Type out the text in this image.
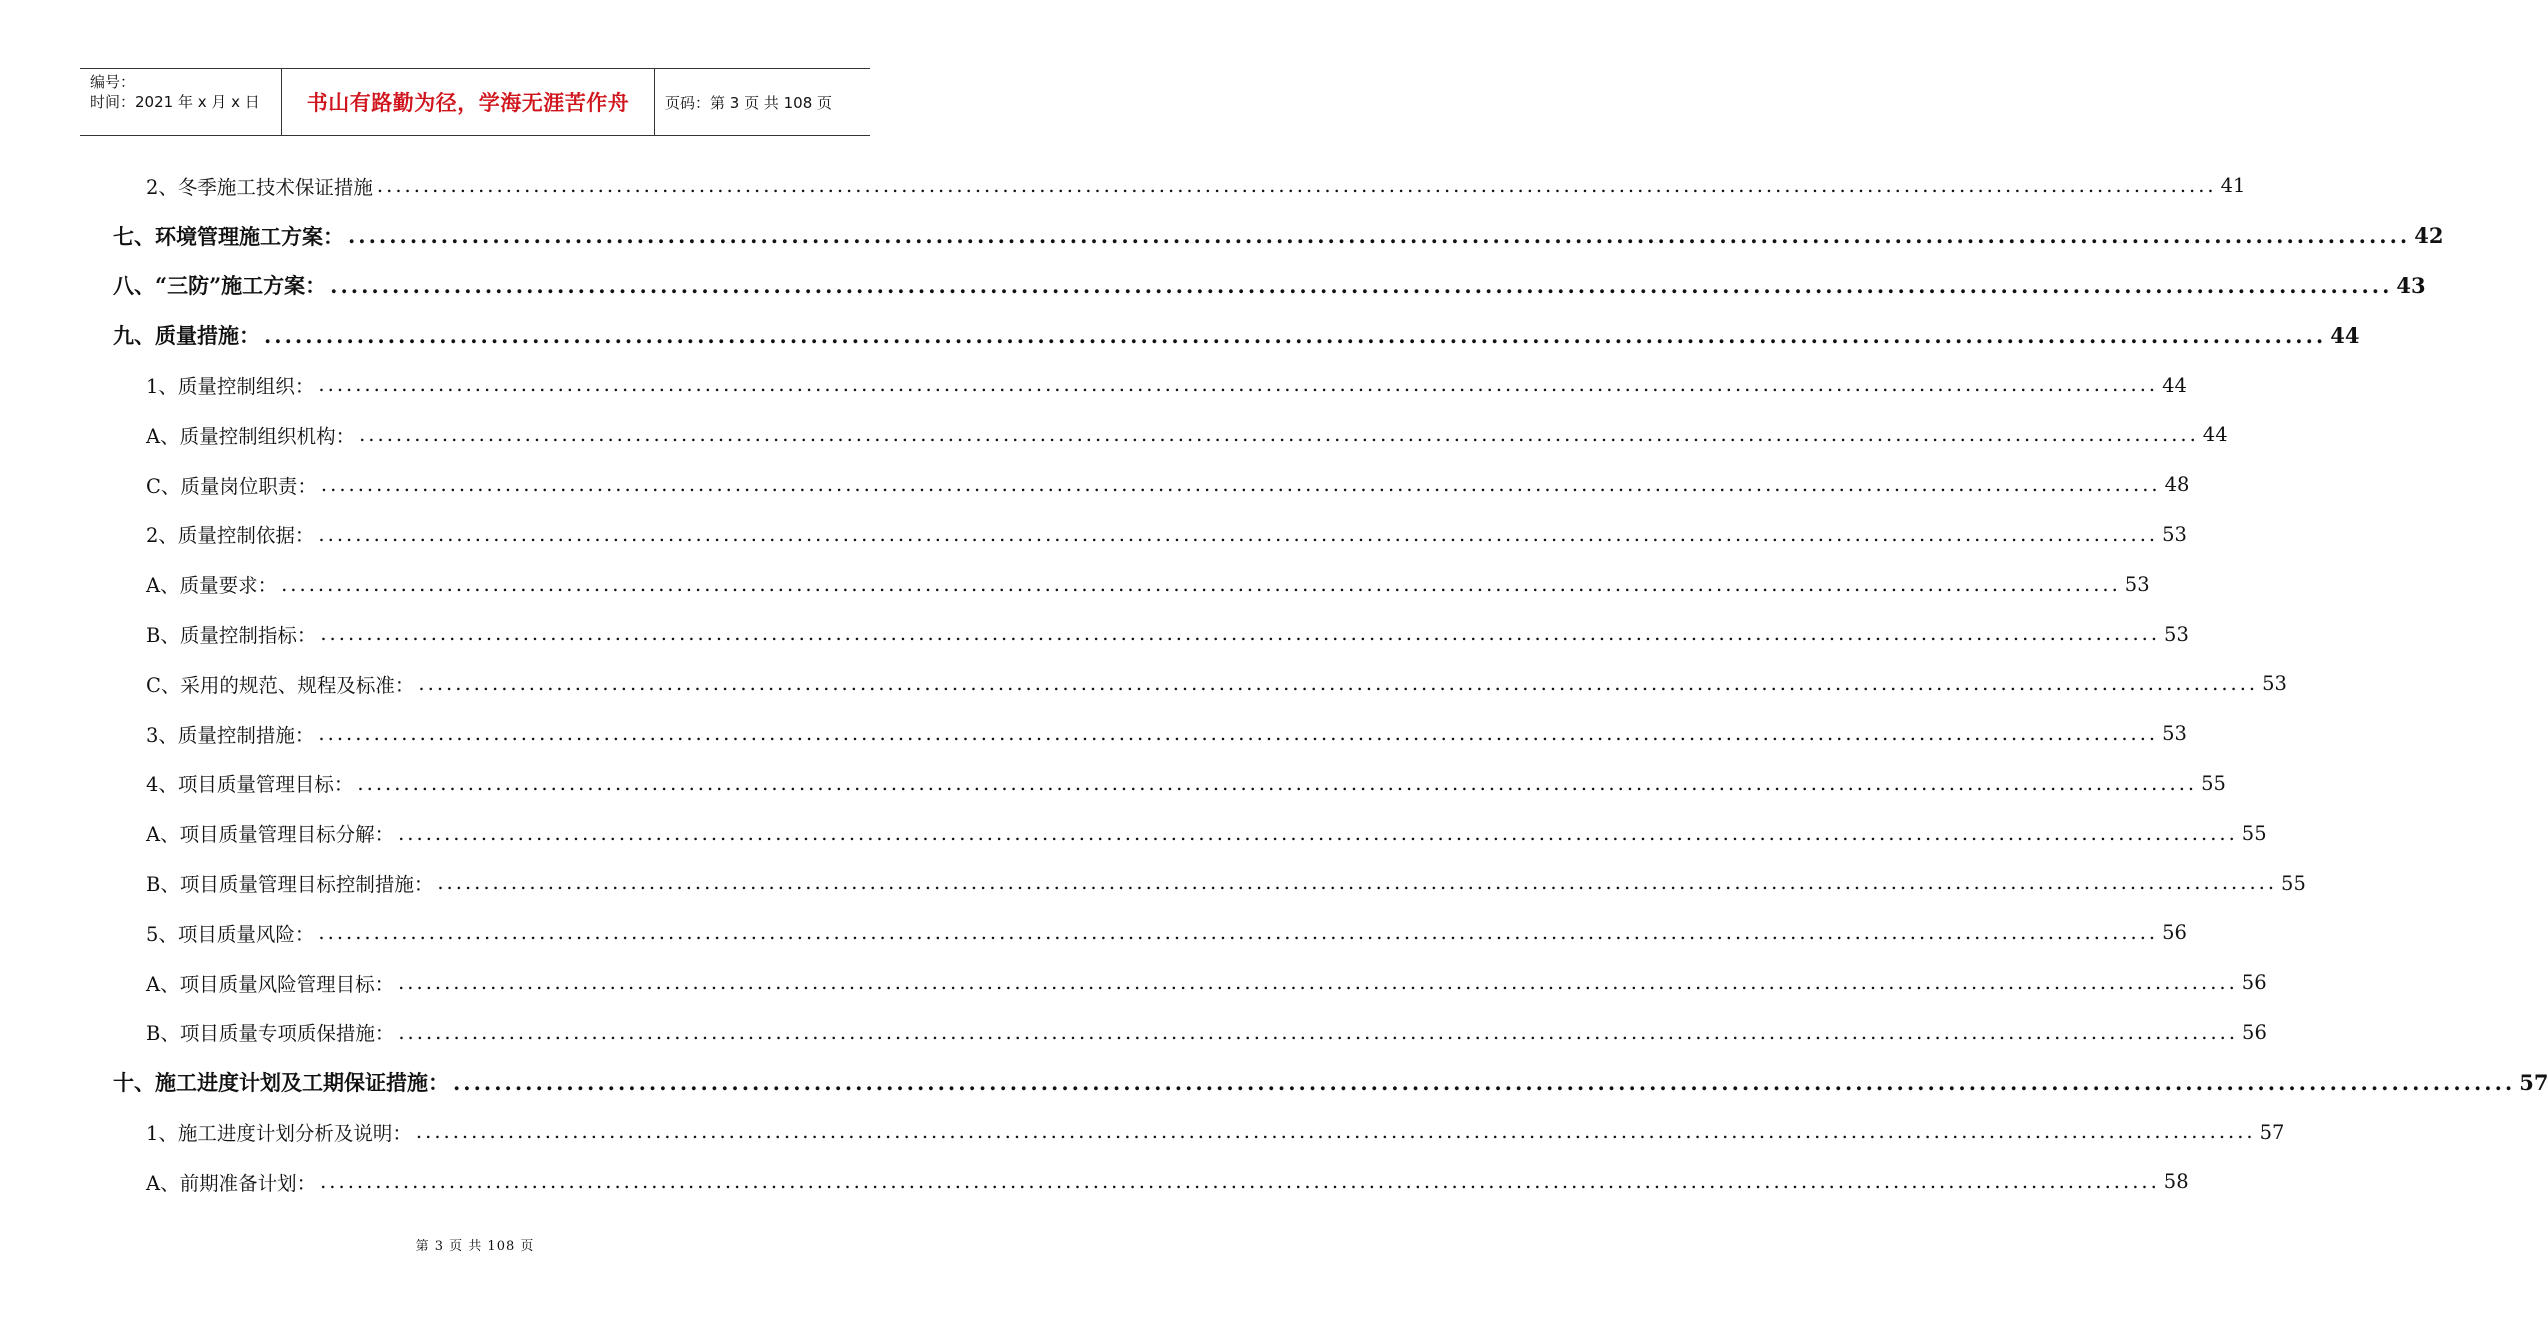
编号：
时间：2021 年 x 月 x 日	书山有路勤为径，学海无涯苦作舟	页码：第 3 页 共 108 页
2、冬季施工技术保证措施 ........................................................................................................................................................................................................ 41
七、环境管理施工方案： ........................................................................................................................................................................................................ 42
八、“三防”施工方案： ........................................................................................................................................................................................................ 43
九、质量措施： ........................................................................................................................................................................................................ 44
1、质量控制组织： ........................................................................................................................................................................................................ 44
A、质量控制组织机构： ........................................................................................................................................................................................................ 44
C、质量岗位职责： ........................................................................................................................................................................................................ 48
2、质量控制依据： ........................................................................................................................................................................................................ 53
A、质量要求： ........................................................................................................................................................................................................ 53
B、质量控制指标： ........................................................................................................................................................................................................ 53
C、采用的规范、规程及标准： ........................................................................................................................................................................................................ 53
3、质量控制措施： ........................................................................................................................................................................................................ 53
4、项目质量管理目标： ........................................................................................................................................................................................................ 55
A、项目质量管理目标分解： ........................................................................................................................................................................................................ 55
B、项目质量管理目标控制措施： ........................................................................................................................................................................................................ 55
5、项目质量风险： ........................................................................................................................................................................................................ 56
A、项目质量风险管理目标： ........................................................................................................................................................................................................ 56
B、项目质量专项质保措施： ........................................................................................................................................................................................................ 56
十、施工进度计划及工期保证措施： ........................................................................................................................................................................................................ 57
1、施工进度计划分析及说明： ........................................................................................................................................................................................................ 57
A、前期准备计划： ........................................................................................................................................................................................................ 58
第 3 页 共 108 页
